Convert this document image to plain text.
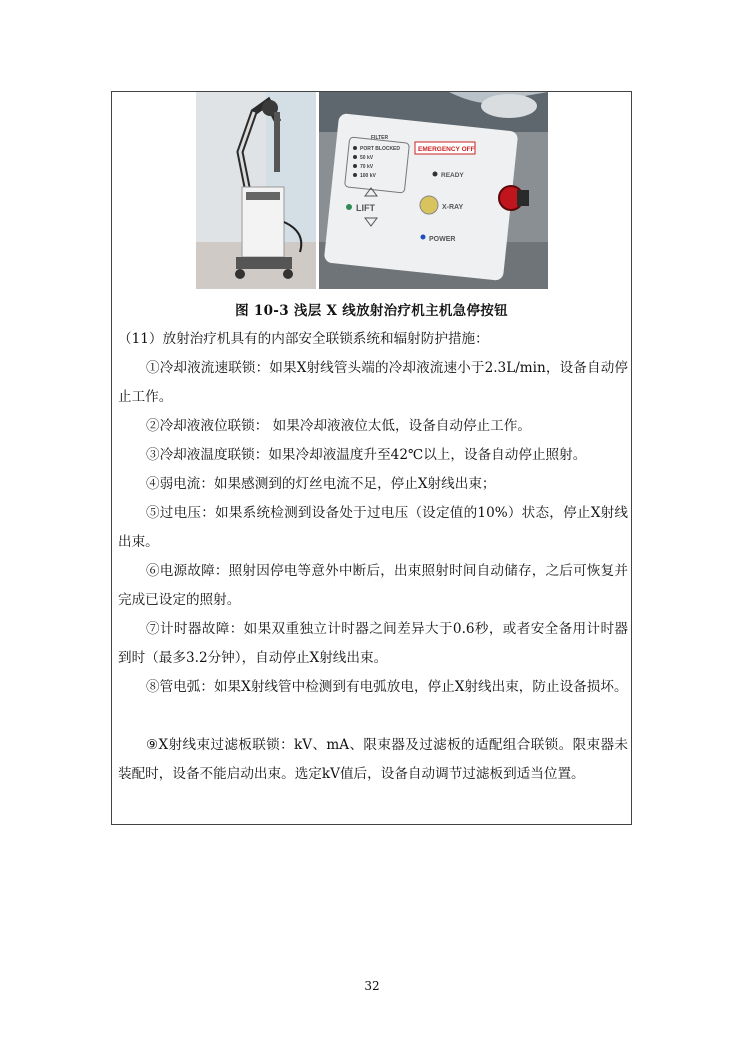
FILTER
PORT BLOCKED
50 kV
70 kV
100 kV
LIFT
EMERGENCY OFF
READY
X-RAY
POWER
图 10-3 浅层 X 线放射治疗机主机急停按钮

（11）放射治疗机具有的内部安全联锁系统和辐射防护措施：

①冷却液流速联锁：如果X射线管头端的冷却液流速小于2.3L/min，设备自动停止工作。

②冷却液液位联锁： 如果冷却液液位太低，设备自动停止工作。

③冷却液温度联锁：如果冷却液温度升至42℃以上，设备自动停止照射。

④弱电流：如果感测到的灯丝电流不足，停止X射线出束；

⑤过电压：如果系统检测到设备处于过电压（设定值的10%）状态，停止X射线出束。

⑥电源故障：照射因停电等意外中断后，出束照射时间自动储存，之后可恢复并完成已设定的照射。

⑦计时器故障：如果双重独立计时器之间差异大于0.6秒，或者安全备用计时器到时（最多3.2分钟），自动停止X射线出束。

⑧管电弧：如果X射线管中检测到有电弧放电，停止X射线出束，防止设备损坏。

⑨X射线束过滤板联锁：kV、mA、限束器及过滤板的适配组合联锁。限束器未装配时，设备不能启动出束。选定kV值后，设备自动调节过滤板到适当位置。

32
